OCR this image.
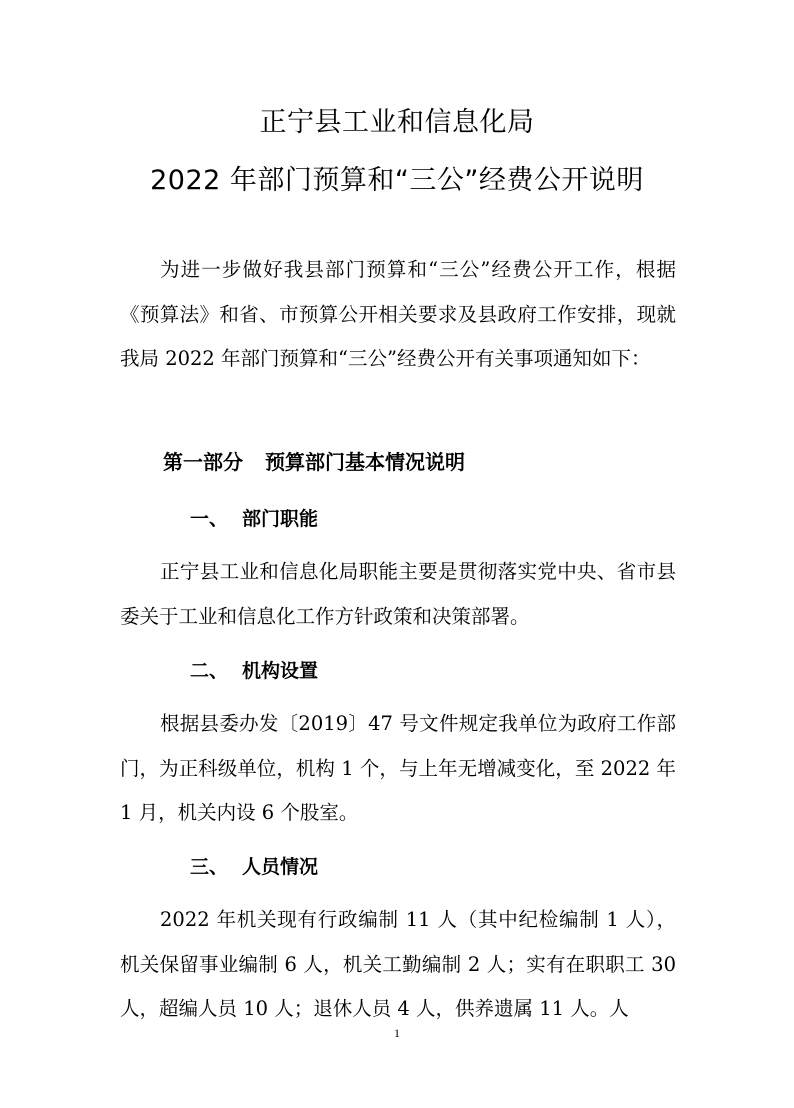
正宁县工业和信息化局
2022 年部门预算和“三公”经费公开说明

为进一步做好我县部门预算和“三公”经费公开工作，根据《预算法》和省、市预算公开相关要求及县政府工作安排，现就我局 2022 年部门预算和“三公”经费公开有关事项通知如下：

第一部分 预算部门基本情况说明
一、 部门职能

正宁县工业和信息化局职能主要是贯彻落实党中央、省市县委关于工业和信息化工作方针政策和决策部署。

二、 机构设置

根据县委办发〔2019〕47 号文件规定我单位为政府工作部门，为正科级单位，机构 1 个，与上年无增减变化，至 2022 年 1 月，机关内设 6 个股室。

三、 人员情况

2022 年机关现有行政编制 11 人（其中纪检编制 1 人），机关保留事业编制 6 人，机关工勤编制 2 人；实有在职职工 30 人，超编人员 10 人；退休人员 4 人，供养遗属 11 人。人

1
